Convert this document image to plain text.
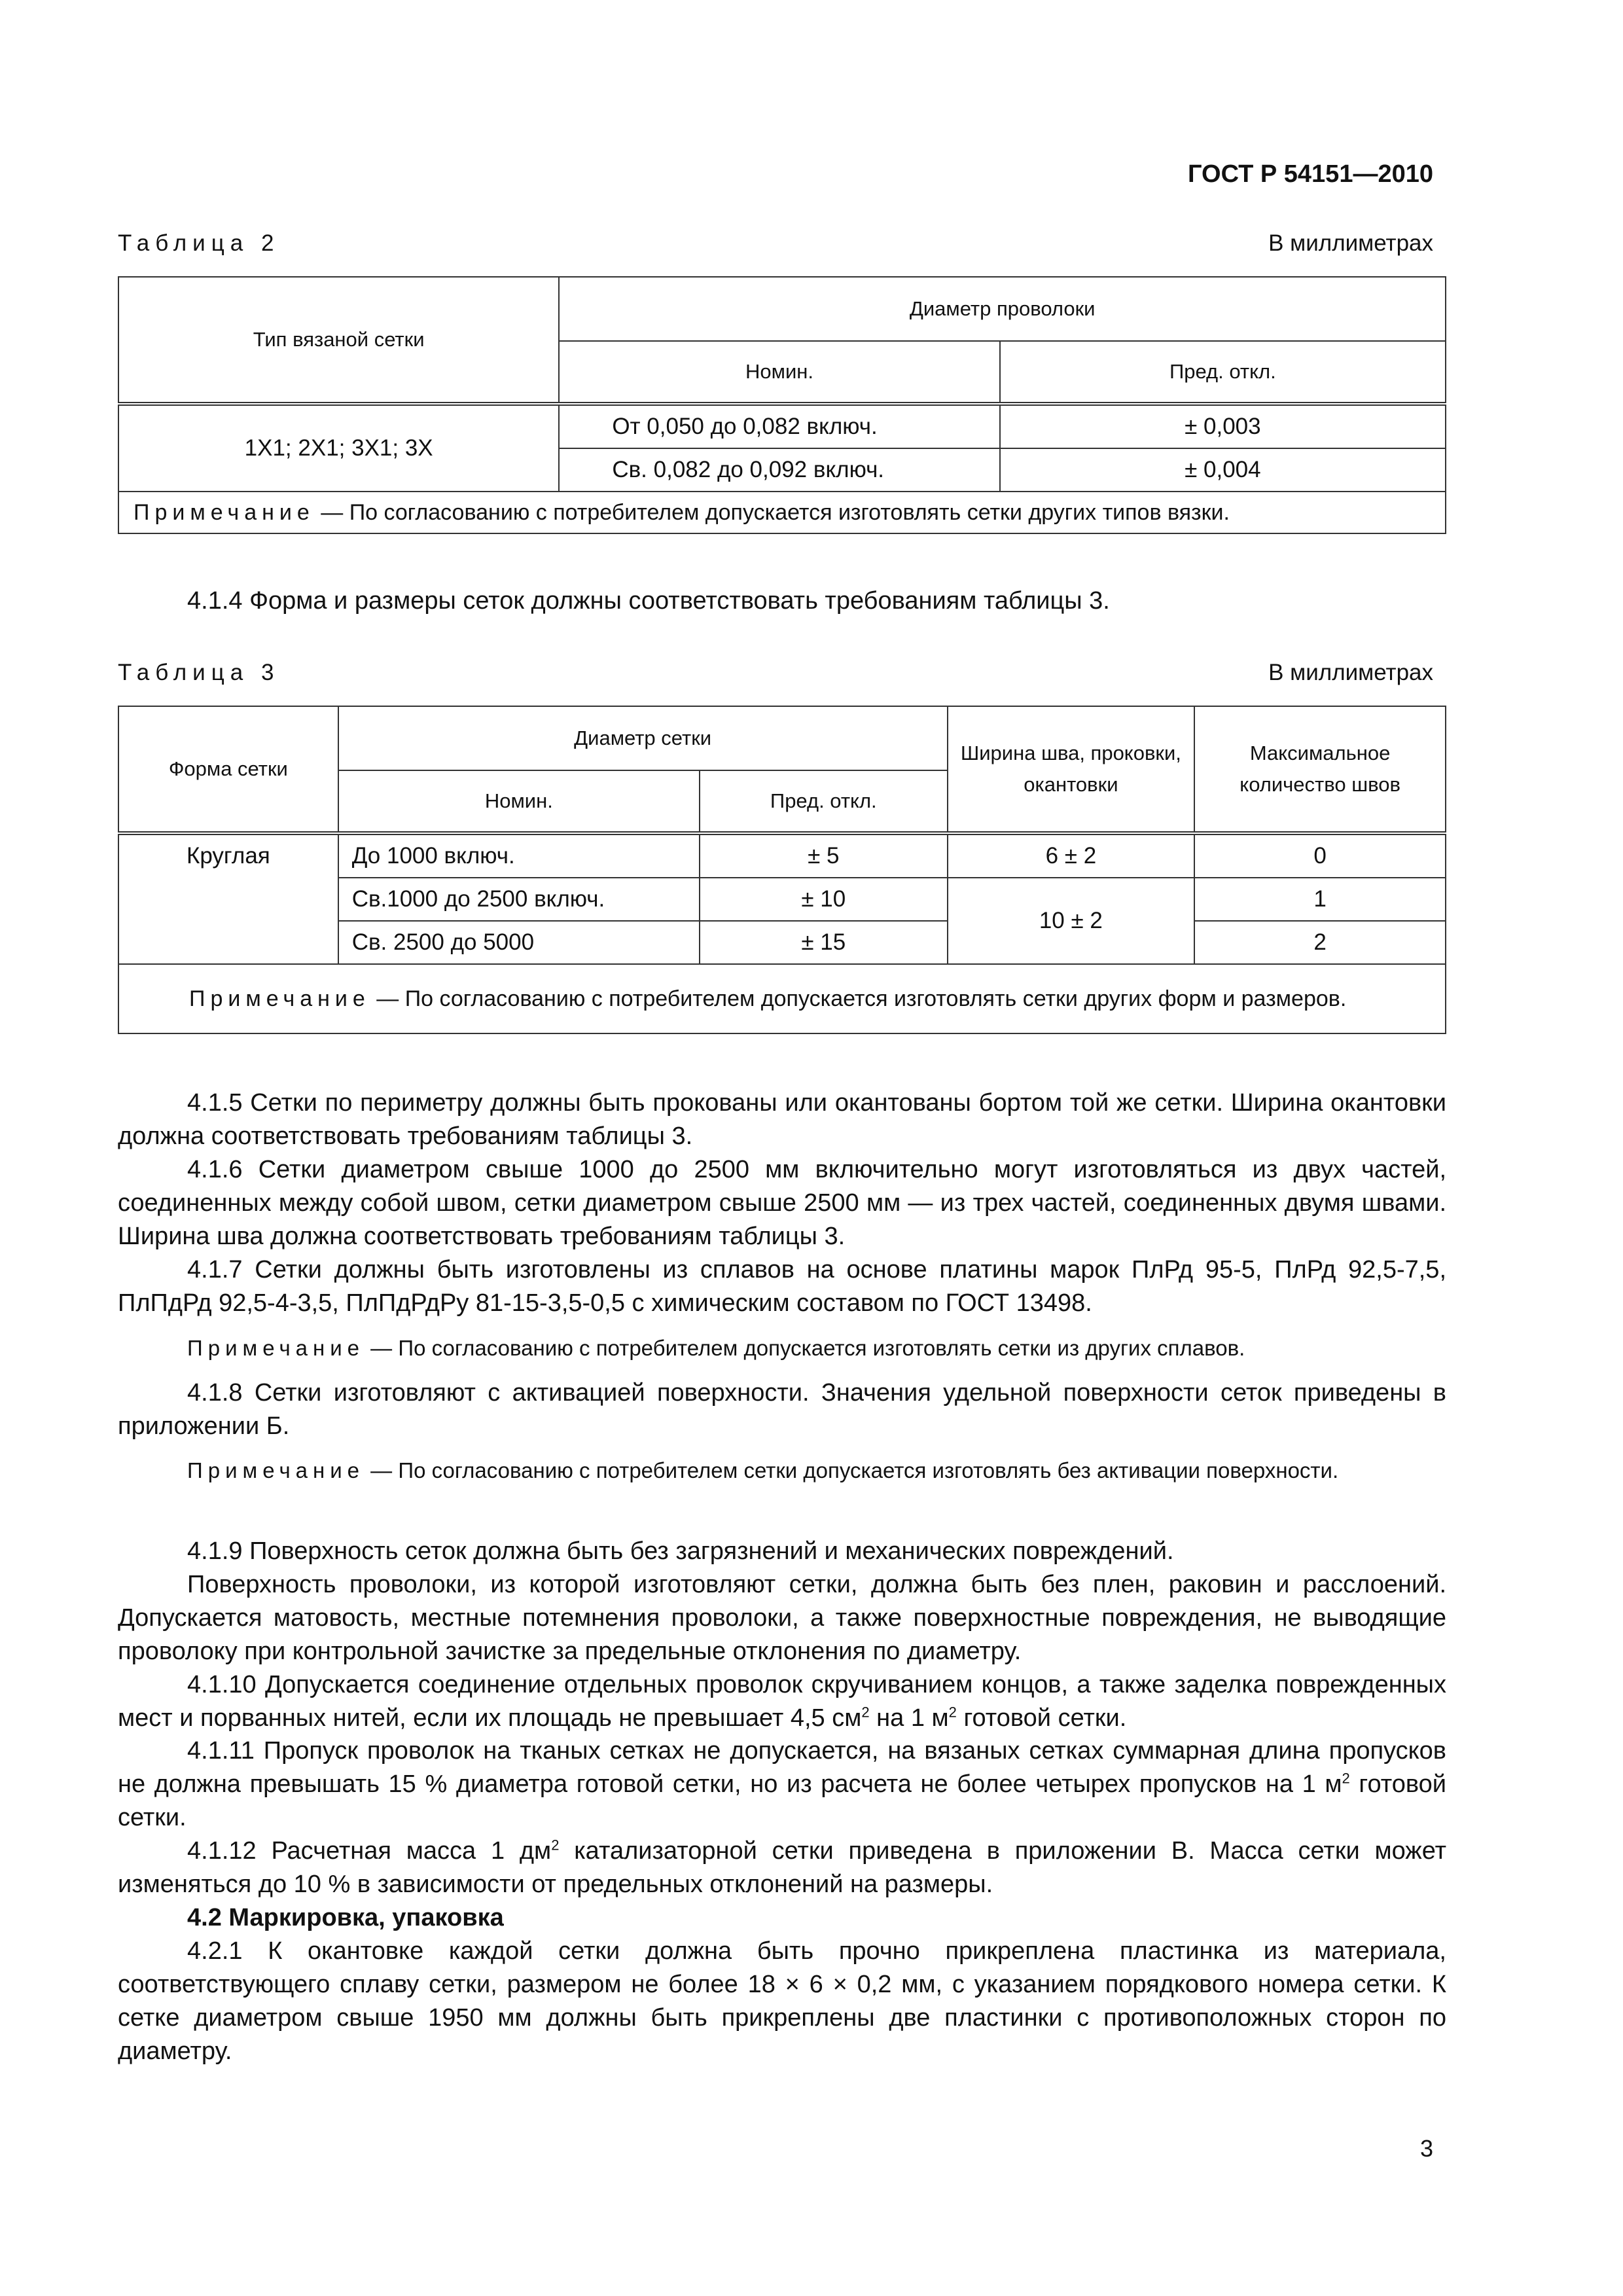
ГОСТ Р 54151—2010
Таблица 2	В миллиметрах
Тип вязаной сетки	Диаметр проволоки	
	Номин.	Пред. откл.
1Х1; 2Х1; 3Х1; 3Х	От 0,050 до 0,082 включ.	± 0,003
	Св. 0,082 до 0,092 включ.	± 0,004
Примечание — По согласованию с потребителем допускается изготовлять сетки других типов вязки.		

4.1.4 Форма и размеры сеток должны соответствовать требованиям таблицы 3.

Таблица 3	В миллиметрах
Форма сетки	Диаметр сетки		Ширина шва, проковки, окантовки	Максимальное количество швов
	Номин.	Пред. откл.		
Круглая	До 1000 включ.	± 5	6 ± 2	0
	Св.1000 до 2500 включ.	± 10	10 ± 2	1
	Св. 2500 до 5000	± 15		2
Примечание — По согласованию с потребителем допускается изготовлять сетки других форм и размеров.				

4.1.5 Сетки по периметру должны быть прокованы или окантованы бортом той же сетки. Ширина окантовки должна соответствовать требованиям таблицы 3.

4.1.6 Сетки диаметром свыше 1000 до 2500 мм включительно могут изготовляться из двух частей, соединенных между собой швом, сетки диаметром свыше 2500 мм — из трех частей, соединенных двумя швами. Ширина шва должна соответствовать требованиям таблицы 3.

4.1.7 Сетки должны быть изготовлены из сплавов на основе платины марок ПлРд 95-5, ПлРд 92,5-7,5, ПлПдРд 92,5-4-3,5, ПлПдРдРу 81-15-3,5-0,5 с химическим составом по ГОСТ 13498.

Примечание — По согласованию с потребителем допускается изготовлять сетки из других сплавов.

4.1.8 Сетки изготовляют с активацией поверхности. Значения удельной поверхности сеток приведены в приложении Б.

Примечание — По согласованию с потребителем сетки допускается изготовлять без активации поверхности.

4.1.9 Поверхность сеток должна быть без загрязнений и механических повреждений.

Поверхность проволоки, из которой изготовляют сетки, должна быть без плен, раковин и расслоений. Допускается матовость, местные потемнения проволоки, а также поверхностные повреждения, не выводящие проволоку при контрольной зачистке за предельные отклонения по диаметру.

4.1.10 Допускается соединение отдельных проволок скручиванием концов, а также заделка поврежденных мест и порванных нитей, если их площадь не превышает 4,5 $см^2$ на 1 $м^2$ готовой сетки.

4.1.11 Пропуск проволок на тканых сетках не допускается, на вязаных сетках суммарная длина пропусков не должна превышать 15 % диаметра готовой сетки, но из расчета не более четырех пропусков на 1 $м^2$ готовой сетки.

4.1.12 Расчетная масса 1 $дм^2$ катализаторной сетки приведена в приложении В. Масса сетки может изменяться до 10 % в зависимости от предельных отклонений на размеры.

4.2 Маркировка, упаковка

4.2.1 К окантовке каждой сетки должна быть прочно прикреплена пластинка из материала, соответствующего сплаву сетки, размером не более 18 × 6 × 0,2 мм, с указанием порядкового номера сетки. К сетке диаметром свыше 1950 мм должны быть прикреплены две пластинки с противоположных сторон по диаметру.

3
